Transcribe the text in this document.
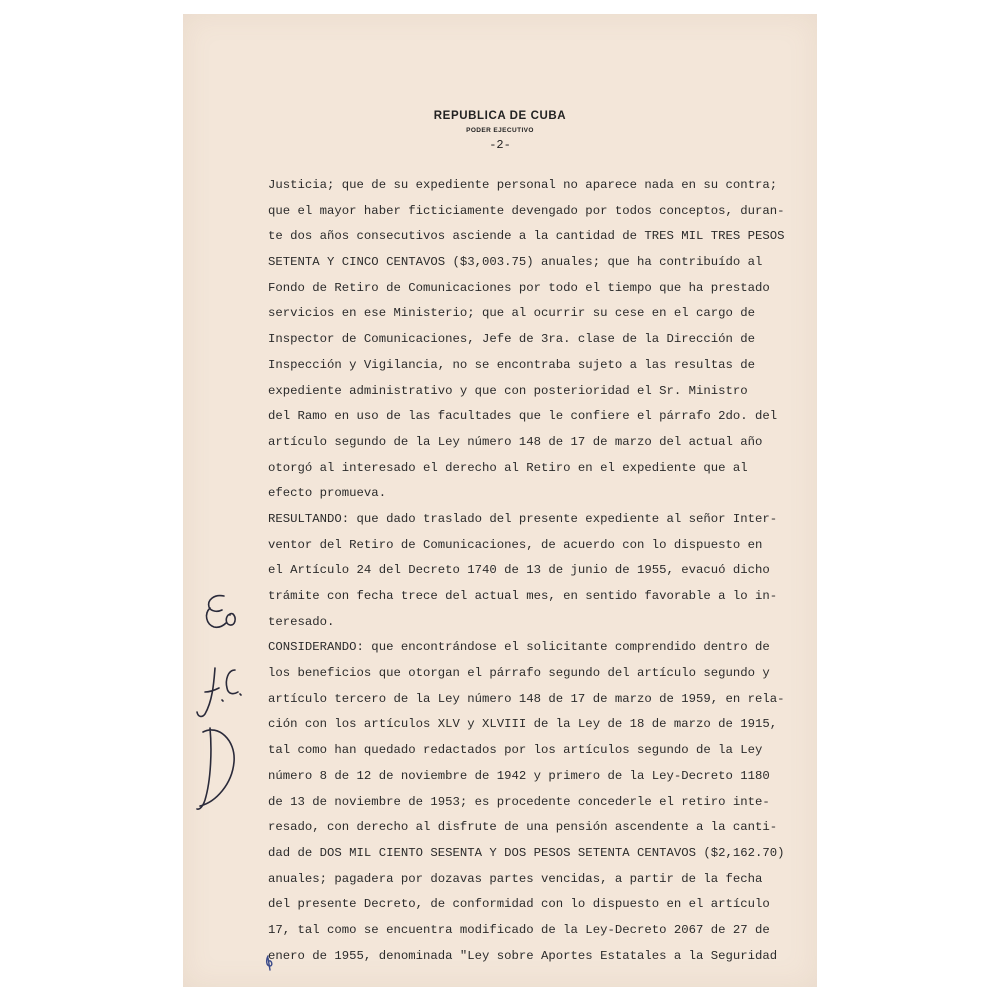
REPUBLICA DE CUBA
PODER EJECUTIVO
-2-
Justicia; que de su expediente personal no aparece nada en su contra;
que el mayor haber ficticiamente devengado por todos conceptos, duran-
te dos años consecutivos asciende a la cantidad de TRES MIL TRES PESOS
SETENTA Y CINCO CENTAVOS ($3,003.75) anuales; que ha contribuído al
Fondo de Retiro de Comunicaciones por todo el tiempo que ha prestado
servicios en ese Ministerio; que al ocurrir su cese en el cargo de
Inspector de Comunicaciones, Jefe de 3ra. clase de la Dirección de
Inspección y Vigilancia, no se encontraba sujeto a las resultas de
expediente administrativo y que con posterioridad el Sr. Ministro
del Ramo en uso de las facultades que le confiere el párrafo 2do. del
artículo segundo de la Ley número 148 de 17 de marzo del actual año
otorgó al interesado el derecho al Retiro en el expediente que al
efecto promueva.
RESULTANDO: que dado traslado del presente expediente al señor Inter-
ventor del Retiro de Comunicaciones, de acuerdo con lo dispuesto en
el Artículo 24 del Decreto 1740 de 13 de junio de 1955, evacuó dicho
trámite con fecha trece del actual mes, en sentido favorable a lo in-
teresado.
CONSIDERANDO: que encontrándose el solicitante comprendido dentro de
los beneficios que otorgan el párrafo segundo del artículo segundo y
artículo tercero de la Ley número 148 de 17 de marzo de 1959, en rela-
ción con los artículos XLV y XLVIII de la Ley de 18 de marzo de 1915,
tal como han quedado redactados por los artículos segundo de la Ley
número 8 de 12 de noviembre de 1942 y primero de la Ley-Decreto 1180
de 13 de noviembre de 1953; es procedente concederle el retiro inte-
resado, con derecho al disfrute de una pensión ascendente a la canti-
dad de DOS MIL CIENTO SESENTA Y DOS PESOS SETENTA CENTAVOS ($2,162.70)
anuales; pagadera por dozavas partes vencidas, a partir de la fecha
del presente Decreto, de conformidad con lo dispuesto en el artículo
17, tal como se encuentra modificado de la Ley-Decreto 2067 de 27 de
enero de 1955, denominada "Ley sobre Aportes Estatales a la Seguridad
